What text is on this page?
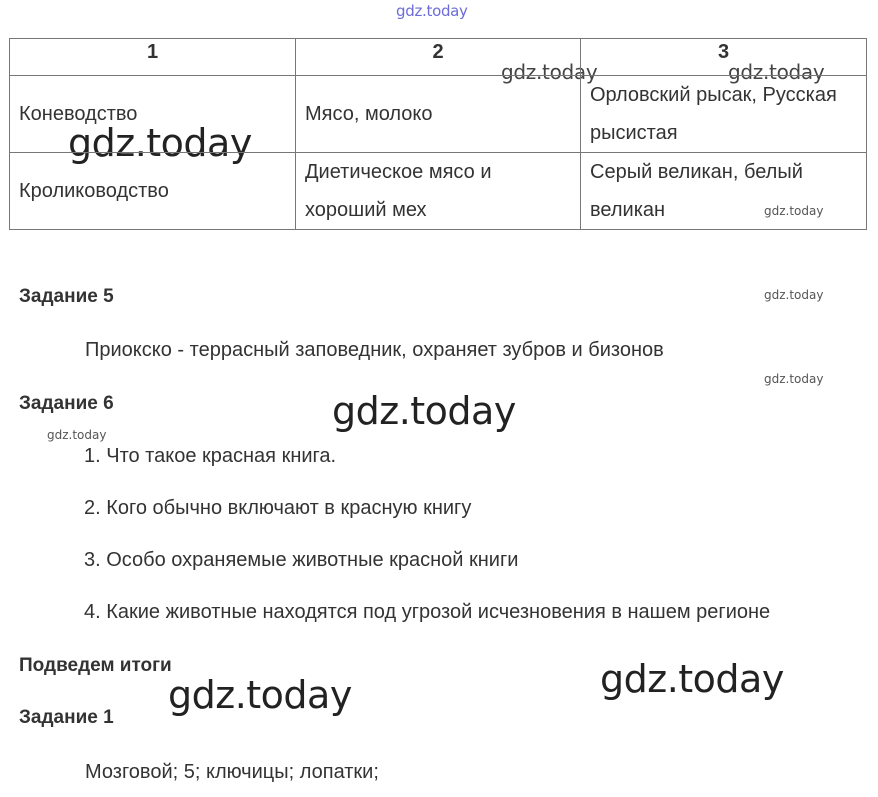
gdz.today
gdz.today
gdz.today
gdz.today	gdz.today
gdz.today	gdz.today
gdz.today
gdz.today
gdz.today
gdz.today
1	2	3

Коневодство	Мясо, молоко	Орловский рысак, Русская рысистая

Кролиководство	Диетическое мясо и хороший мех	Серый великан, белый великан
Задание 5
Приокско - террасный заповедник, охраняет зубров и бизонов
Задание 6
1. Что такое красная книга.
2. Кого обычно включают в красную книгу
3. Особо охраняемые животные красной книги
4. Какие животные находятся под угрозой исчезновения в нашем регионе
Подведем итоги
Задание 1
Мозговой; 5; ключицы; лопатки;
